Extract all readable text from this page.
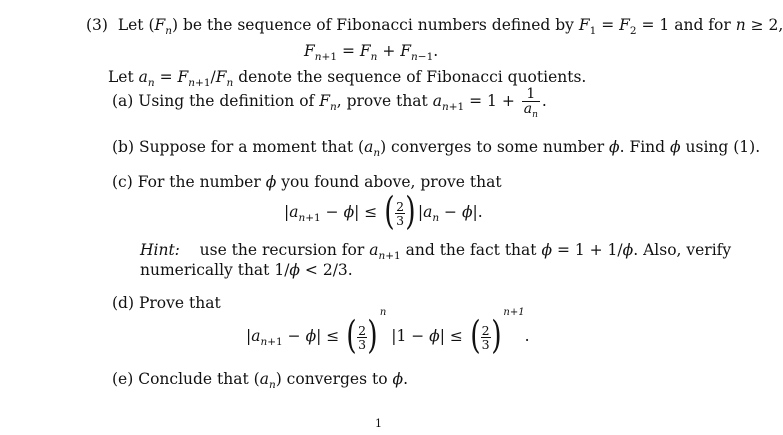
(3)  Let $(F_n)$ be the sequence of Fibonacci numbers defined by $F_1 = F_2 = 1$ and for n ≥ 2,
$F_{n+1} = F_n + F_{n-1}$.
Let $a_n = F_{n+1}/F_n$ denote the sequence of Fibonacci quotients.
(a) Using the definition of $F_n$, prove that $a_{n+1} = 1 + \frac{1}{a_n}$ .
(b) Suppose for a moment that $(a_n)$ converges to some number ϕ. Find ϕ using (1).
(c) For the number ϕ you found above, prove that
$|a_{n+1} - \phi|$ ≤ ( $\frac{2}{3}$ ) $|a_n - \phi|$.
Hint:    use the recursion for $a_{n+1}$ and the fact that ϕ = 1 + 1/ϕ. Also, verify
numerically that 1/ϕ < 2/3.
(d) Prove that
$|a_{n+1} - \phi|$ ≤ ( $\frac{2}{3} )^n$ |1 − ϕ| ≤ ( $\frac{2}{3} )^{n+1}$.
(e) Conclude that $(a_n)$ converges to ϕ.
1
